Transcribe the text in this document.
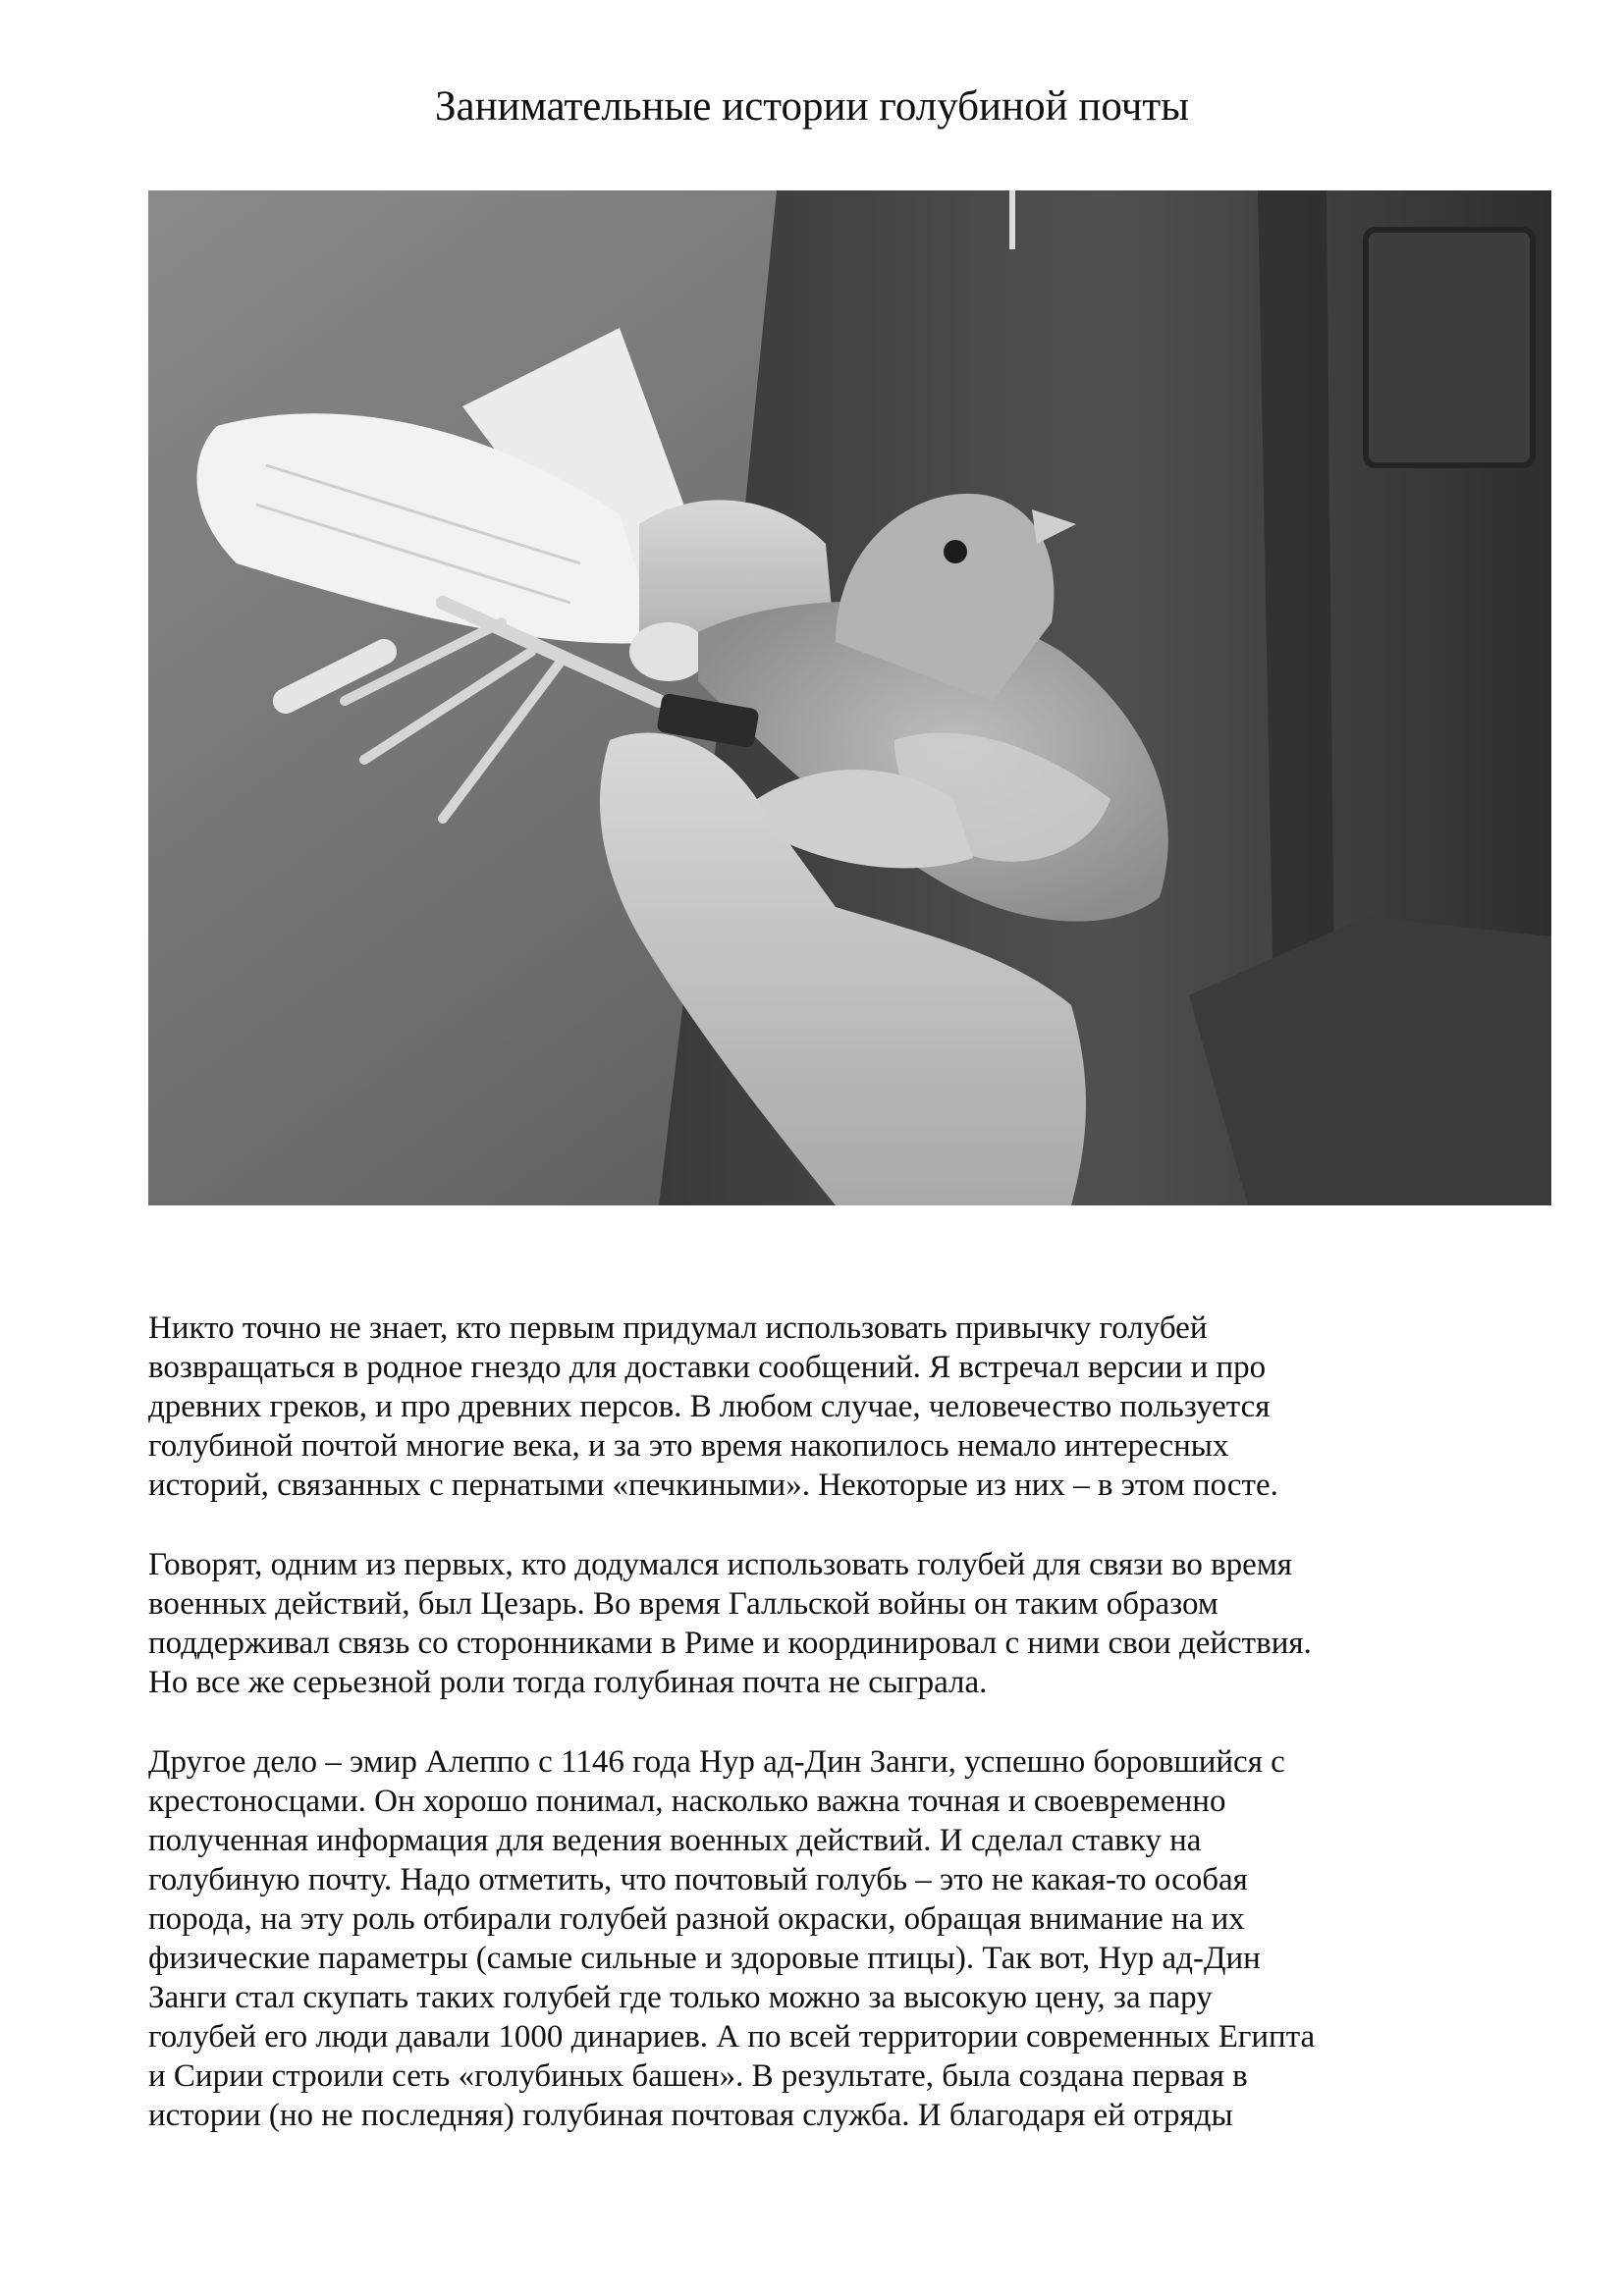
Занимательные истории голубиной почты

Никто точно не знает, кто первым придумал использовать привычку голубей
возвращаться в родное гнездо для доставки сообщений. Я встречал версии и про
древних греков, и про древних персов. В любом случае, человечество пользуется
голубиной почтой многие века, и за это время накопилось немало интересных
историй, связанных с пернатыми «печкиными». Некоторые из них – в этом посте.

Говорят, одним из первых, кто додумался использовать голубей для связи во время
военных действий, был Цезарь. Во время Галльской войны он таким образом
поддерживал связь со сторонниками в Риме и координировал с ними свои действия.
Но все же серьезной роли тогда голубиная почта не сыграла.

Другое дело – эмир Алеппо с 1146 года Нур ад-Дин Занги, успешно боровшийся с
крестоносцами. Он хорошо понимал, насколько важна точная и своевременно
полученная информация для ведения военных действий. И сделал ставку на
голубиную почту. Надо отметить, что почтовый голубь – это не какая-то особая
порода, на эту роль отбирали голубей разной окраски, обращая внимание на их
физические параметры (самые сильные и здоровые птицы). Так вот, Нур ад-Дин
Занги стал скупать таких голубей где только можно за высокую цену, за пару
голубей его люди давали 1000 динариев. А по всей территории современных Египта
и Сирии строили сеть «голубиных башен». В результате, была создана первая в
истории (но не последняя) голубиная почтовая служба. И благодаря ей отряды
